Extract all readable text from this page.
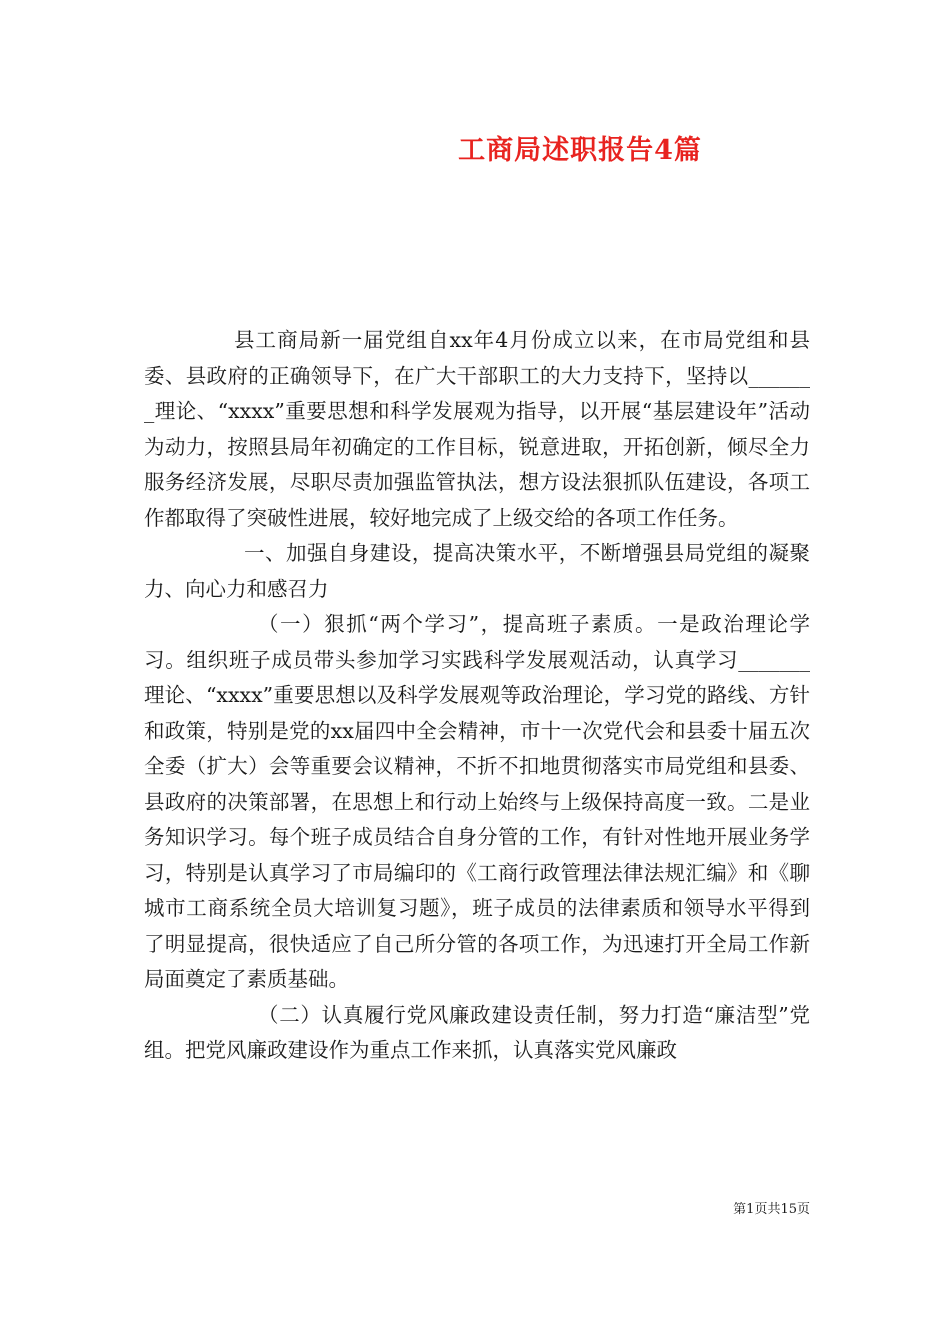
工商局述职报告4篇

县工商局新一届党组自xx年4月份成立以来，在市局党组和县委、县政府的正确领导下，在广大干部职工的大力支持下，坚持以_______理论、“xxxx”重要思想和科学发展观为指导，以开展“基层建设年”活动为动力，按照县局年初确定的工作目标，锐意进取，开拓创新，倾尽全力服务经济发展，尽职尽责加强监管执法，想方设法狠抓队伍建设，各项工作都取得了突破性进展，较好地完成了上级交给的各项工作任务。

一、加强自身建设，提高决策水平，不断增强县局党组的凝聚力、向心力和感召力

（一）狠抓“两个学习”，提高班子素质。一是政治理论学习。组织班子成员带头参加学习实践科学发展观活动，认真学习_______理论、“xxxx”重要思想以及科学发展观等政治理论，学习党的路线、方针和政策，特别是党的xx届四中全会精神，市十一次党代会和县委十届五次全委（扩大）会等重要会议精神，不折不扣地贯彻落实市局党组和县委、县政府的决策部署，在思想上和行动上始终与上级保持高度一致。二是业务知识学习。每个班子成员结合自身分管的工作，有针对性地开展业务学习，特别是认真学习了市局编印的《工商行政管理法律法规汇编》和《聊城市工商系统全员大培训复习题》，班子成员的法律素质和领导水平得到了明显提高，很快适应了自己所分管的各项工作，为迅速打开全局工作新局面奠定了素质基础。

（二）认真履行党风廉政建设责任制，努力打造“廉洁型”党组。把党风廉政建设作为重点工作来抓，认真落实党风廉政

第1页共15页
